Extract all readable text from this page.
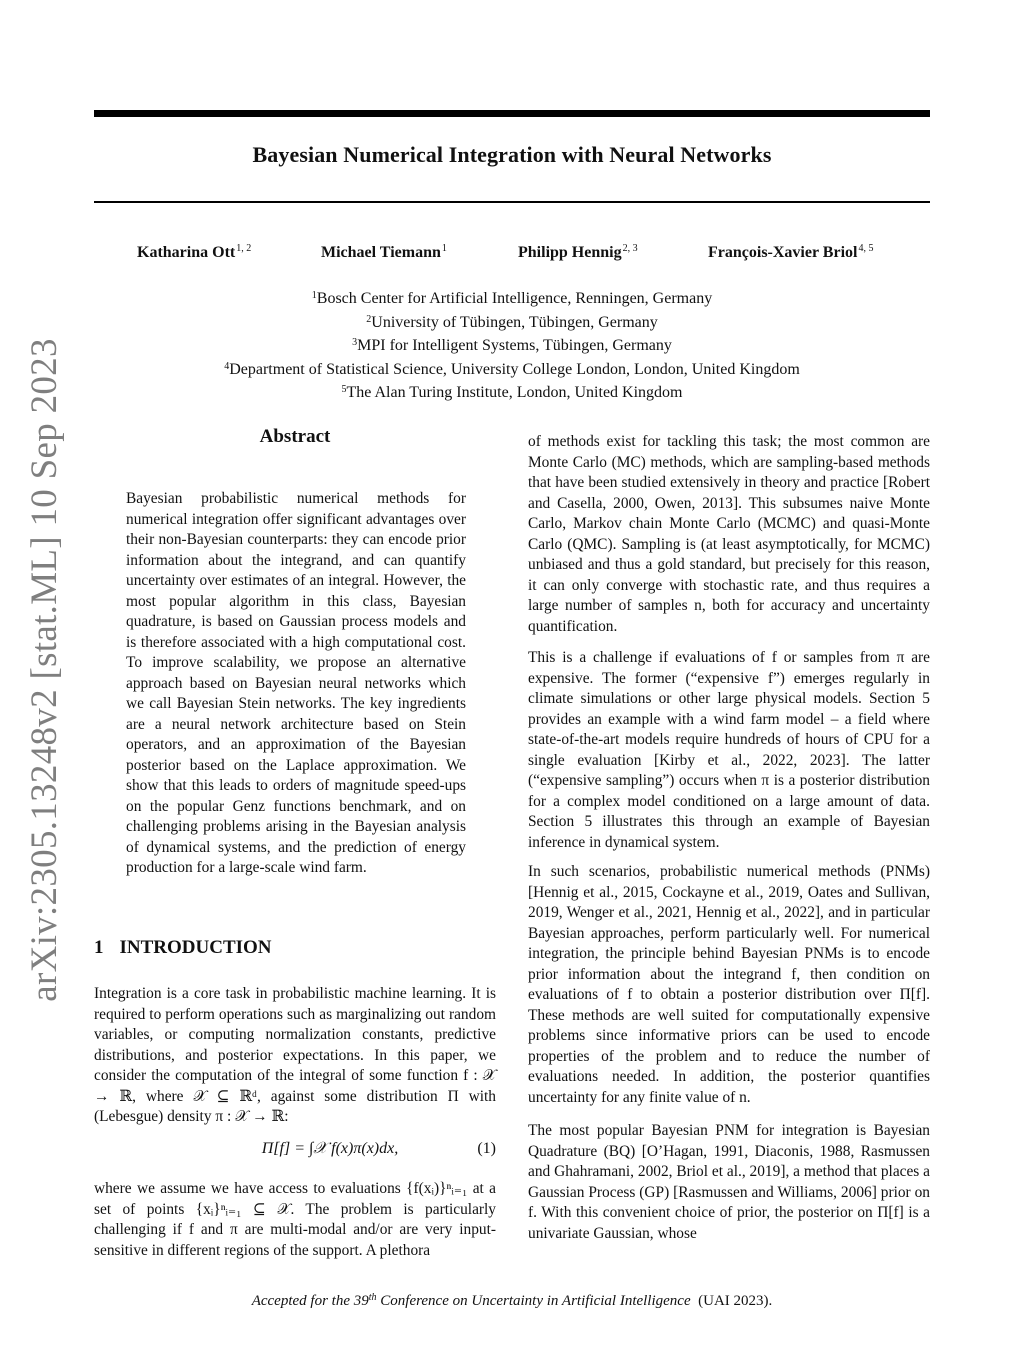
Bayesian Numerical Integration with Neural Networks
Katharina Ott$^{1, 2}$	Michael Tiemann$^1$	Philipp Hennig$^{2, 3}$	François-Xavier Briol$^{4, 5}$
$^1$Bosch Center for Artificial Intelligence, Renningen, Germany
$^2$University of Tübingen, Tübingen, Germany
$^3$MPI for Intelligent Systems, Tübingen, Germany
$^4$Department of Statistical Science, University College London, London, United Kingdom
$^5$The Alan Turing Institute, London, United Kingdom
arXiv:2305.13248v2 [stat.ML] 10 Sep 2023	Abstract
Bayesian probabilistic numerical methods for numerical integration offer significant advantages over their non-Bayesian counterparts: they can encode prior information about the integrand, and can quantify uncertainty over estimates of an integral. However, the most popular algorithm in this class, Bayesian quadrature, is based on Gaussian process models and is therefore associated with a high computational cost. To improve scalability, we propose an alternative approach based on Bayesian neural networks which we call Bayesian Stein networks. The key ingredients are a neural network architecture based on Stein operators, and an approximation of the Bayesian posterior based on the Laplace approximation. We show that this leads to orders of magnitude speed-ups on the popular Genz functions benchmark, and on challenging problems arising in the Bayesian analysis of dynamical systems, and the prediction of energy production for a large-scale wind farm.
1 INTRODUCTION
Integration is a core task in probabilistic machine learning. It is required to perform operations such as marginalizing out random variables, or computing normalization constants, predictive distributions, and posterior expectations. In this paper, we consider the computation of the integral of some function f : 𝒳 → ℝ, where 𝒳 ⊆ ℝᵈ, against some distribution Π with (Lebesgue) density π : 𝒳 → ℝ:
Π[f] = ∫𝒳 f(x)π(x)dx,	(1)
where we assume we have access to evaluations {f(xᵢ)}ⁿᵢ₌₁ at a set of points {xᵢ}ⁿᵢ₌₁ ⊆ 𝒳. The problem is particularly challenging if f and π are multi-modal and/or are very input-sensitive in different regions of the support. A plethora
of methods exist for tackling this task; the most common are Monte Carlo (MC) methods, which are sampling-based methods that have been studied extensively in theory and practice [Robert and Casella, 2000, Owen, 2013]. This subsumes naive Monte Carlo, Markov chain Monte Carlo (MCMC) and quasi-Monte Carlo (QMC). Sampling is (at least asymptotically, for MCMC) unbiased and thus a gold standard, but precisely for this reason, it can only converge with stochastic rate, and thus requires a large number of samples n, both for accuracy and uncertainty quantification.
This is a challenge if evaluations of f or samples from π are expensive. The former (“expensive f”) emerges regularly in climate simulations or other large physical models. Section 5 provides an example with a wind farm model – a field where state-of-the-art models require hundreds of hours of CPU for a single evaluation [Kirby et al., 2022, 2023]. The latter (“expensive sampling”) occurs when π is a posterior distribution for a complex model conditioned on a large amount of data. Section 5 illustrates this through an example of Bayesian inference in dynamical system.
In such scenarios, probabilistic numerical methods (PNMs) [Hennig et al., 2015, Cockayne et al., 2019, Oates and Sullivan, 2019, Wenger et al., 2021, Hennig et al., 2022], and in particular Bayesian approaches, perform particularly well. For numerical integration, the principle behind Bayesian PNMs is to encode prior information about the integrand f, then condition on evaluations of f to obtain a posterior distribution over Π[f]. These methods are well suited for computationally expensive problems since informative priors can be used to encode properties of the problem and to reduce the number of evaluations needed. In addition, the posterior quantifies uncertainty for any finite value of n.
The most popular Bayesian PNM for integration is Bayesian Quadrature (BQ) [O’Hagan, 1991, Diaconis, 1988, Rasmussen and Ghahramani, 2002, Briol et al., 2019], a method that places a Gaussian Process (GP) [Rasmussen and Williams, 2006] prior on f. With this convenient choice of prior, the posterior on Π[f] is a univariate Gaussian, whose
Accepted for the 39th Conference on Uncertainty in Artificial Intelligence (UAI 2023).
